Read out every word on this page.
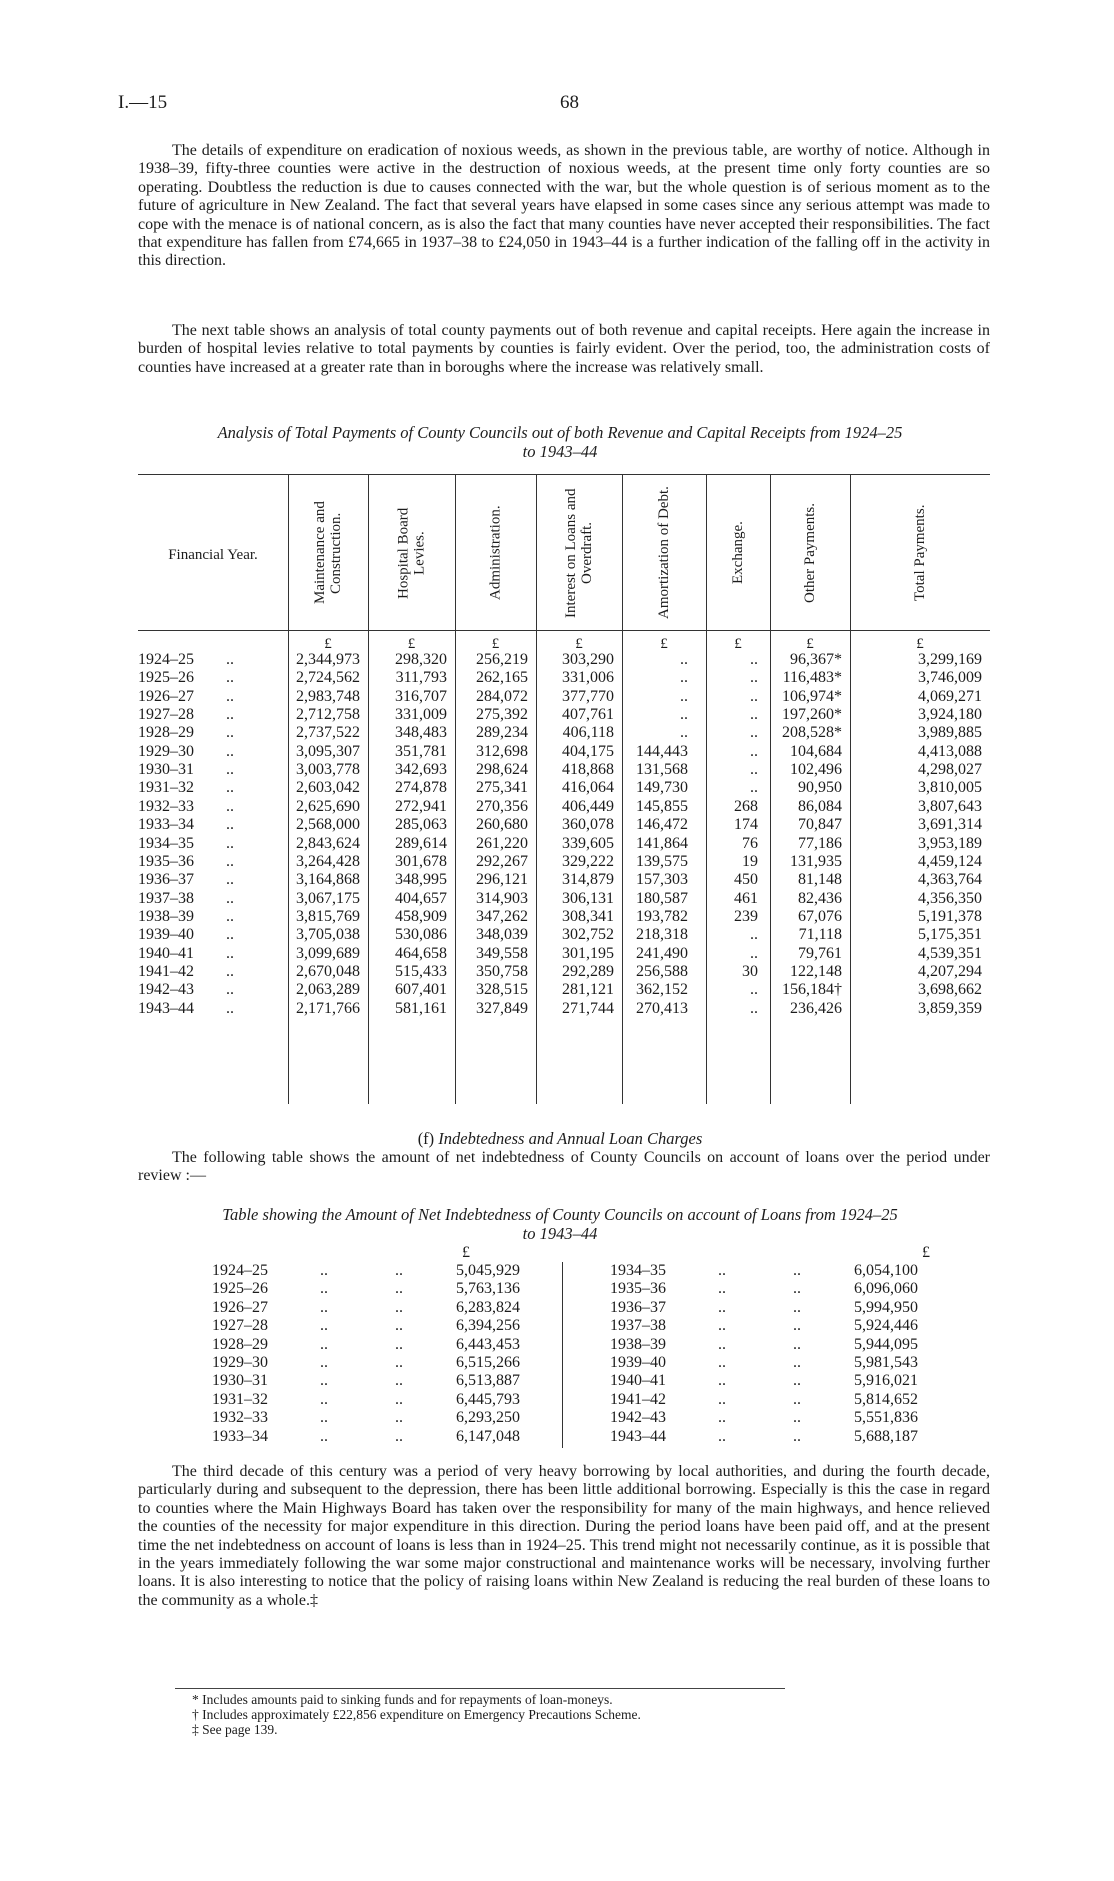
I.—15	68

The details of expenditure on eradication of noxious weeds, as shown in the previous table, are worthy of notice. Although in 1938–39, fifty-three counties were active in the destruction of noxious weeds, at the present time only forty counties are so operating. Doubtless the reduction is due to causes connected with the war, but the whole question is of serious moment as to the future of agriculture in New Zealand. The fact that several years have elapsed in some cases since any serious attempt was made to cope with the menace is of national concern, as is also the fact that many counties have never accepted their responsibilities. The fact that expenditure has fallen from £74,665 in 1937–38 to £24,050 in 1943–44 is a further indication of the falling off in the activity in this direction.

The next table shows an analysis of total county payments out of both revenue and capital receipts. Here again the increase in burden of hospital levies relative to total payments by counties is fairly evident. Over the period, too, the administration costs of counties have increased at a greater rate than in boroughs where the increase was relatively small.

Analysis of Total Payments of County Councils out of both Revenue and Capital Receipts from 1924–25
to 1943–44
Financial Year.	Maintenance and Construction.	Hospital Board Levies.	Administration.	Interest on Loans and Overdraft.	Amortization of Debt.	Exchange.	Other Payments.	Total Payments.
£	£	£	£	£	£	£	£
1924–25 ..	2,344,973	298,320	256,219	303,290	..	..	96,367*	3,299,169
1925–26 ..	2,724,562	311,793	262,165	331,006	..	..	116,483*	3,746,009
1926–27 ..	2,983,748	316,707	284,072	377,770	..	..	106,974*	4,069,271
1927–28 ..	2,712,758	331,009	275,392	407,761	..	..	197,260*	3,924,180
1928–29 ..	2,737,522	348,483	289,234	406,118	..	..	208,528*	3,989,885
1929–30 ..	3,095,307	351,781	312,698	404,175	144,443	..	104,684	4,413,088
1930–31 ..	3,003,778	342,693	298,624	418,868	131,568	..	102,496	4,298,027
1931–32 ..	2,603,042	274,878	275,341	416,064	149,730	..	90,950	3,810,005
1932–33 ..	2,625,690	272,941	270,356	406,449	145,855	268	86,084	3,807,643
1933–34 ..	2,568,000	285,063	260,680	360,078	146,472	174	70,847	3,691,314
1934–35 ..	2,843,624	289,614	261,220	339,605	141,864	76	77,186	3,953,189
1935–36 ..	3,264,428	301,678	292,267	329,222	139,575	19	131,935	4,459,124
1936–37 ..	3,164,868	348,995	296,121	314,879	157,303	450	81,148	4,363,764
1937–38 ..	3,067,175	404,657	314,903	306,131	180,587	461	82,436	4,356,350
1938–39 ..	3,815,769	458,909	347,262	308,341	193,782	239	67,076	5,191,378
1939–40 ..	3,705,038	530,086	348,039	302,752	218,318	..	71,118	5,175,351
1940–41 ..	3,099,689	464,658	349,558	301,195	241,490	..	79,761	4,539,351
1941–42 ..	2,670,048	515,433	350,758	292,289	256,588	30	122,148	4,207,294
1942–43 ..	2,063,289	607,401	328,515	281,121	362,152	..	156,184†	3,698,662
1943–44 ..	2,171,766	581,161	327,849	271,744	270,413	..	236,426	3,859,359
(f) Indebtedness and Annual Loan Charges

The following table shows the amount of net indebtedness of County Councils on account of loans over the period under review :—

Table showing the Amount of Net Indebtedness of County Councils on account of Loans from 1924–25
to 1943–44
£	£
1924–25	..	..	5,045,929
1925–26	..	..	5,763,136
1926–27	..	..	6,283,824
1927–28	..	..	6,394,256
1928–29	..	..	6,443,453
1929–30	..	..	6,515,266
1930–31	..	..	6,513,887
1931–32	..	..	6,445,793
1932–33	..	..	6,293,250
1933–34	..	..	6,147,048
1934–35	..	..	6,054,100
1935–36	..	..	6,096,060
1936–37	..	..	5,994,950
1937–38	..	..	5,924,446
1938–39	..	..	5,944,095
1939–40	..	..	5,981,543
1940–41	..	..	5,916,021
1941–42	..	..	5,814,652
1942–43	..	..	5,551,836
1943–44	..	..	5,688,187

The third decade of this century was a period of very heavy borrowing by local authorities, and during the fourth decade, particularly during and subsequent to the depression, there has been little additional borrowing. Especially is this the case in regard to counties where the Main Highways Board has taken over the responsibility for many of the main highways, and hence relieved the counties of the necessity for major expenditure in this direction. During the period loans have been paid off, and at the present time the net indebtedness on account of loans is less than in 1924–25. This trend might not necessarily continue, as it is possible that in the years immediately following the war some major constructional and maintenance works will be necessary, involving further loans. It is also interesting to notice that the policy of raising loans within New Zealand is reducing the real burden of these loans to the community as a whole.‡

* Includes amounts paid to sinking funds and for repayments of loan-moneys.
† Includes approximately £22,856 expenditure on Emergency Precautions Scheme.
‡ See page 139.
